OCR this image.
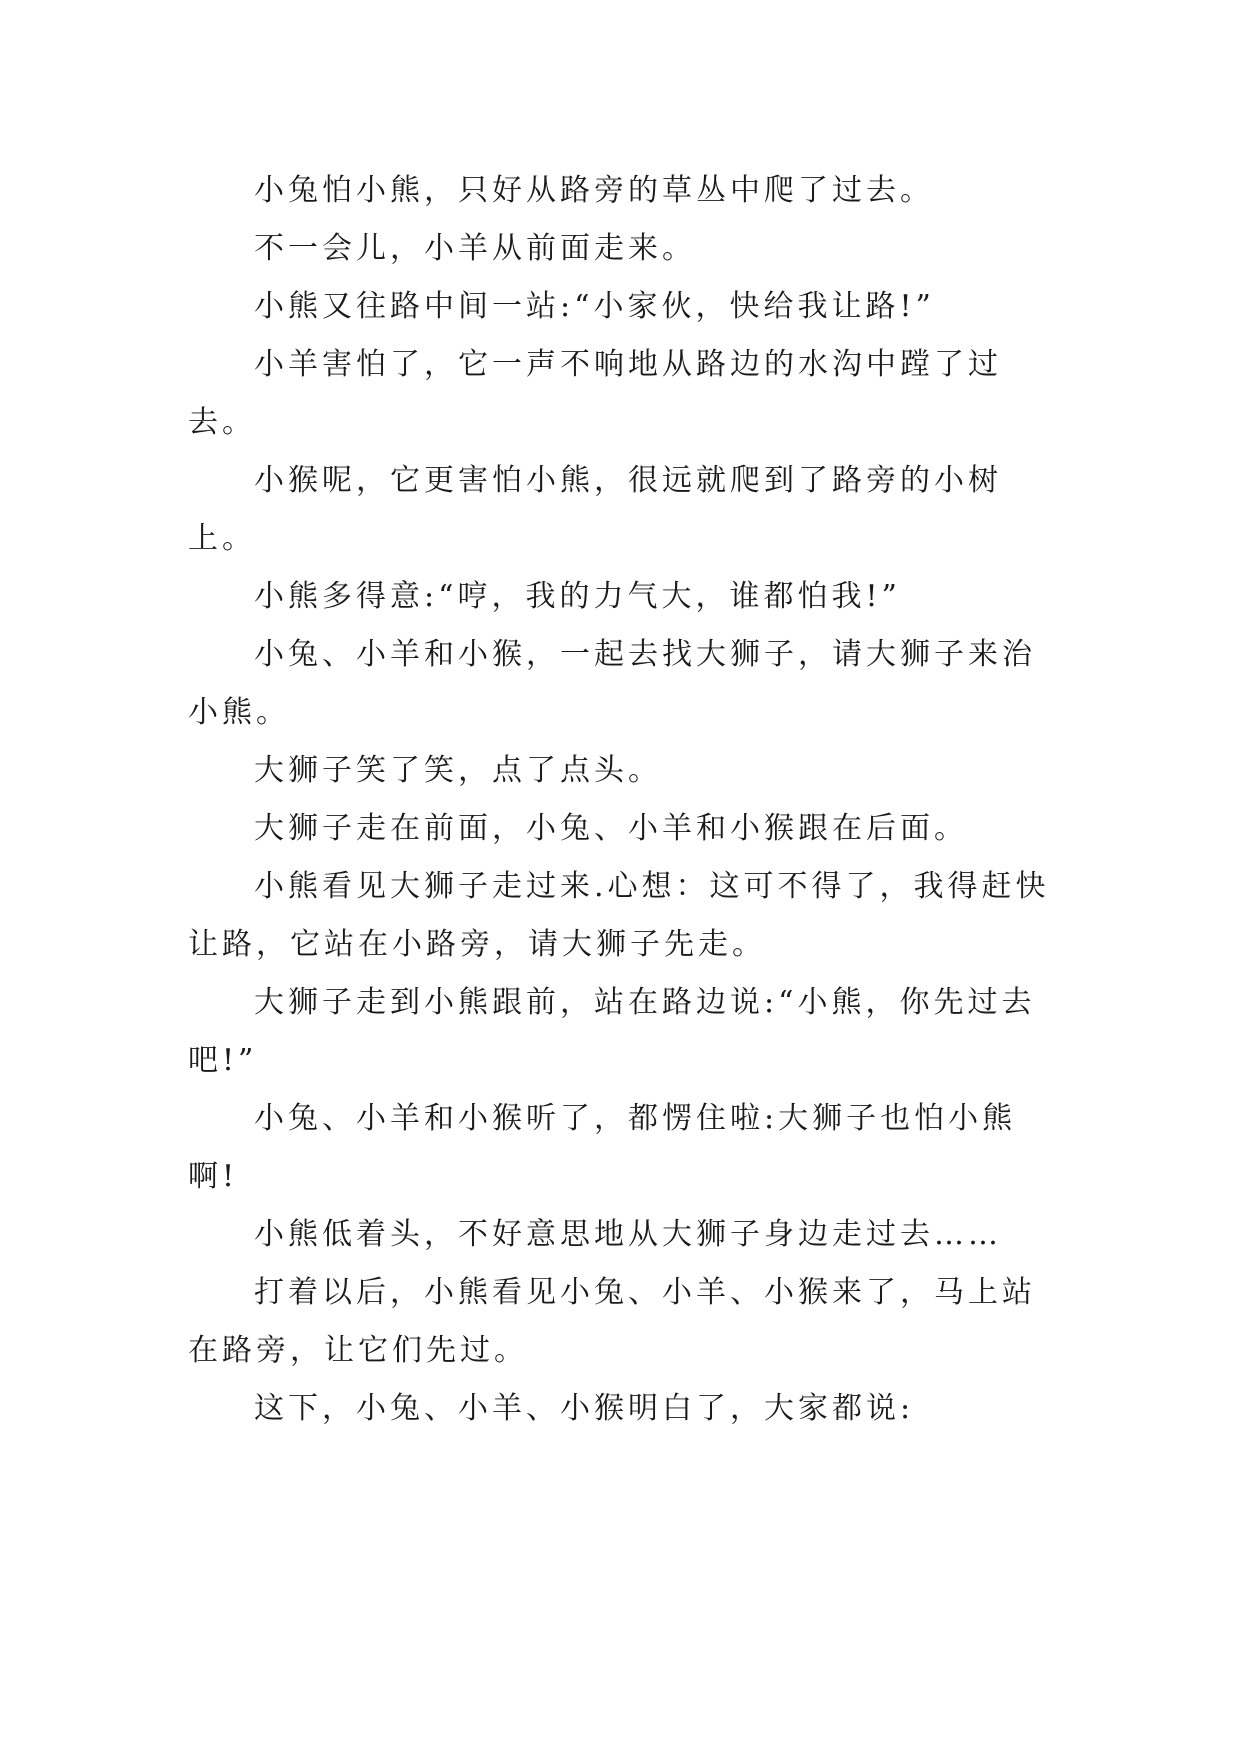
小兔怕小熊，只好从路旁的草丛中爬了过去。

不一会儿，小羊从前面走来。

小熊又往路中间一站:“小家伙，快给我让路!”

小羊害怕了，它一声不响地从路边的水沟中蹚了过去。

小猴呢，它更害怕小熊，很远就爬到了路旁的小树上。

小熊多得意:“哼，我的力气大，谁都怕我!”

小兔、小羊和小猴，一起去找大狮子，请大狮子来治小熊。

大狮子笑了笑，点了点头。

大狮子走在前面，小兔、小羊和小猴跟在后面。

小熊看见大狮子走过来.心想：这可不得了，我得赶快让路，它站在小路旁，请大狮子先走。

大狮子走到小熊跟前，站在路边说:“小熊，你先过去吧!”

小兔、小羊和小猴听了，都愣住啦:大狮子也怕小熊啊!

小熊低着头，不好意思地从大狮子身边走过去……

打着以后，小熊看见小兔、小羊、小猴来了，马上站在路旁，让它们先过。

这下，小兔、小羊、小猴明白了，大家都说:
